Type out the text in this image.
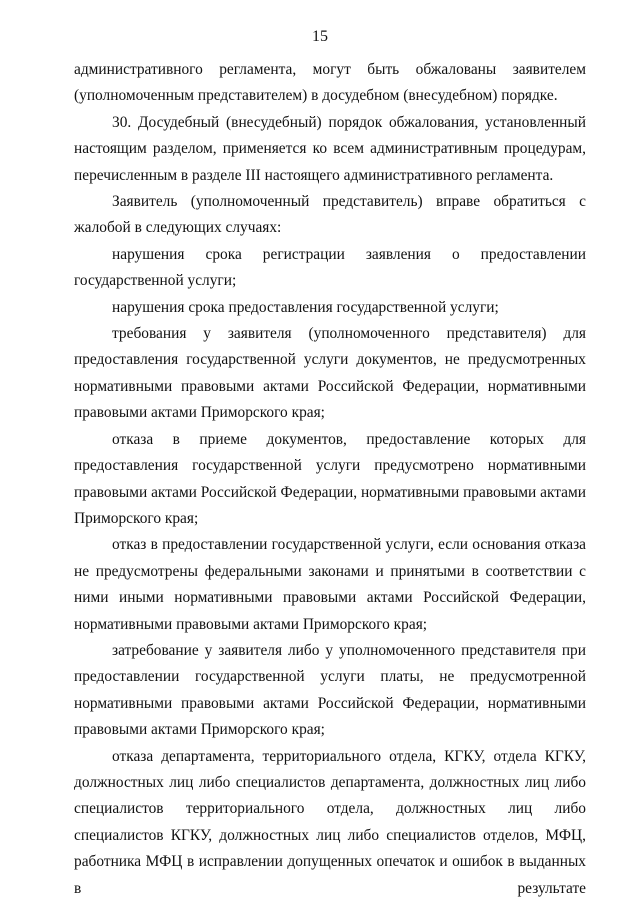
15

административного регламента, могут быть обжалованы заявителем (уполномоченным представителем) в досудебном (внесудебном) порядке.

30. Досудебный (внесудебный) порядок обжалования, установленный настоящим разделом, применяется ко всем административным процедурам, перечисленным в разделе III настоящего административного регламента.

Заявитель (уполномоченный представитель) вправе обратиться с жалобой в следующих случаях:

нарушения срока регистрации заявления о предоставлении государственной услуги;

нарушения срока предоставления государственной услуги;

требования у заявителя (уполномоченного представителя) для предоставления государственной услуги документов, не предусмотренных нормативными правовыми актами Российской Федерации, нормативными правовыми актами Приморского края;

отказа в приеме документов, предоставление которых для предоставления государственной услуги предусмотрено нормативными правовыми актами Российской Федерации, нормативными правовыми актами Приморского края;

отказ в предоставлении государственной услуги, если основания отказа не предусмотрены федеральными законами и принятыми в соответствии с ними иными нормативными правовыми актами Российской Федерации, нормативными правовыми актами Приморского края;

затребование у заявителя либо у уполномоченного представителя при предоставлении государственной услуги платы, не предусмотренной нормативными правовыми актами Российской Федерации, нормативными правовыми актами Приморского края;

отказа департамента, территориального отдела, КГКУ, отдела КГКУ, должностных лиц либо специалистов департамента, должностных лиц либо специалистов территориального отдела, должностных лиц либо специалистов КГКУ, должностных лиц либо специалистов отделов, МФЦ, работника МФЦ в исправлении допущенных опечаток и ошибок в выданных в результате
